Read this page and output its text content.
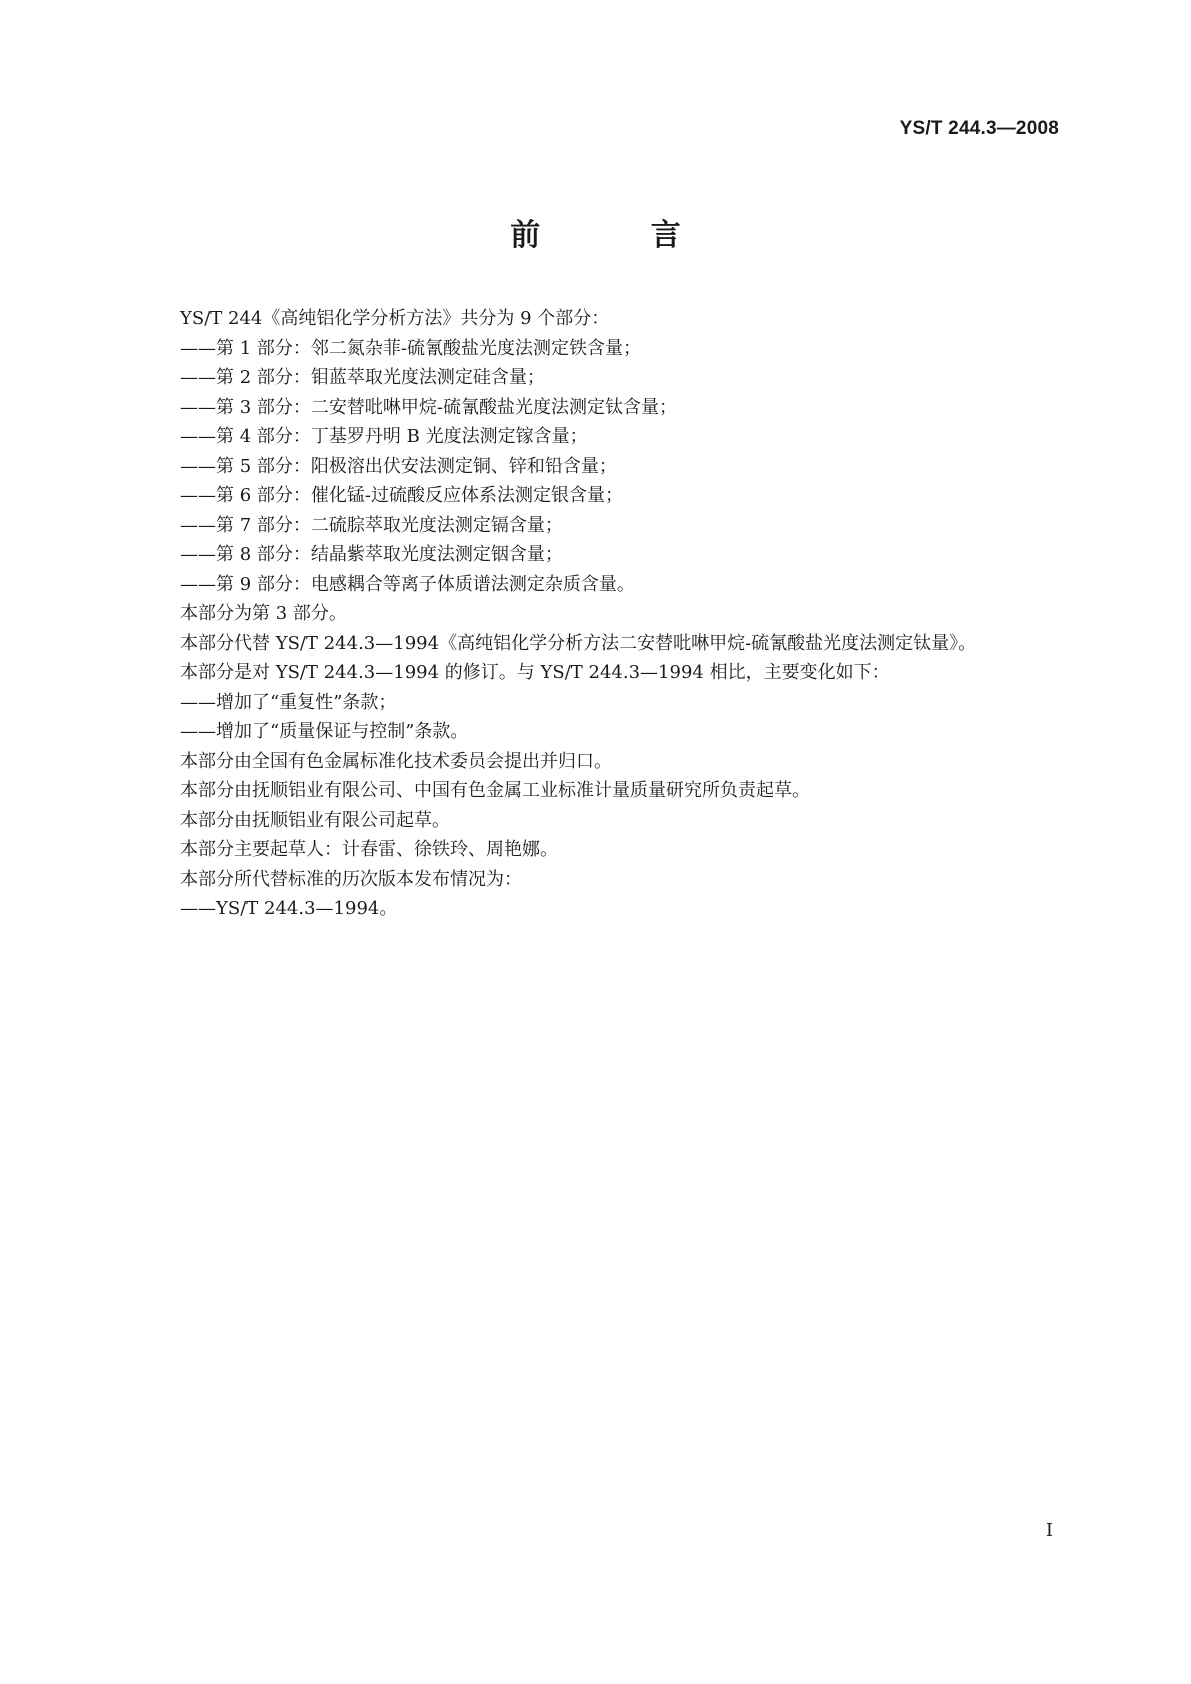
YS/T 244.3—2008
前 言
YS/T 244《高纯铝化学分析方法》共分为 9 个部分：
——第 1 部分：邻二氮杂菲-硫氰酸盐光度法测定铁含量；
——第 2 部分：钼蓝萃取光度法测定硅含量；
——第 3 部分：二安替吡啉甲烷-硫氰酸盐光度法测定钛含量；
——第 4 部分：丁基罗丹明 B 光度法测定镓含量；
——第 5 部分：阳极溶出伏安法测定铜、锌和铅含量；
——第 6 部分：催化锰-过硫酸反应体系法测定银含量；
——第 7 部分：二硫腙萃取光度法测定镉含量；
——第 8 部分：结晶紫萃取光度法测定铟含量；
——第 9 部分：电感耦合等离子体质谱法测定杂质含量。
本部分为第 3 部分。
本部分代替 YS/T 244.3—1994《高纯铝化学分析方法二安替吡啉甲烷-硫氰酸盐光度法测定钛量》。
本部分是对 YS/T 244.3—1994 的修订。与 YS/T 244.3—1994 相比，主要变化如下：
——增加了“重复性”条款；
——增加了“质量保证与控制”条款。
本部分由全国有色金属标准化技术委员会提出并归口。
本部分由抚顺铝业有限公司、中国有色金属工业标准计量质量研究所负责起草。
本部分由抚顺铝业有限公司起草。
本部分主要起草人：计春雷、徐铁玲、周艳娜。
本部分所代替标准的历次版本发布情况为：
——YS/T 244.3—1994。
I
